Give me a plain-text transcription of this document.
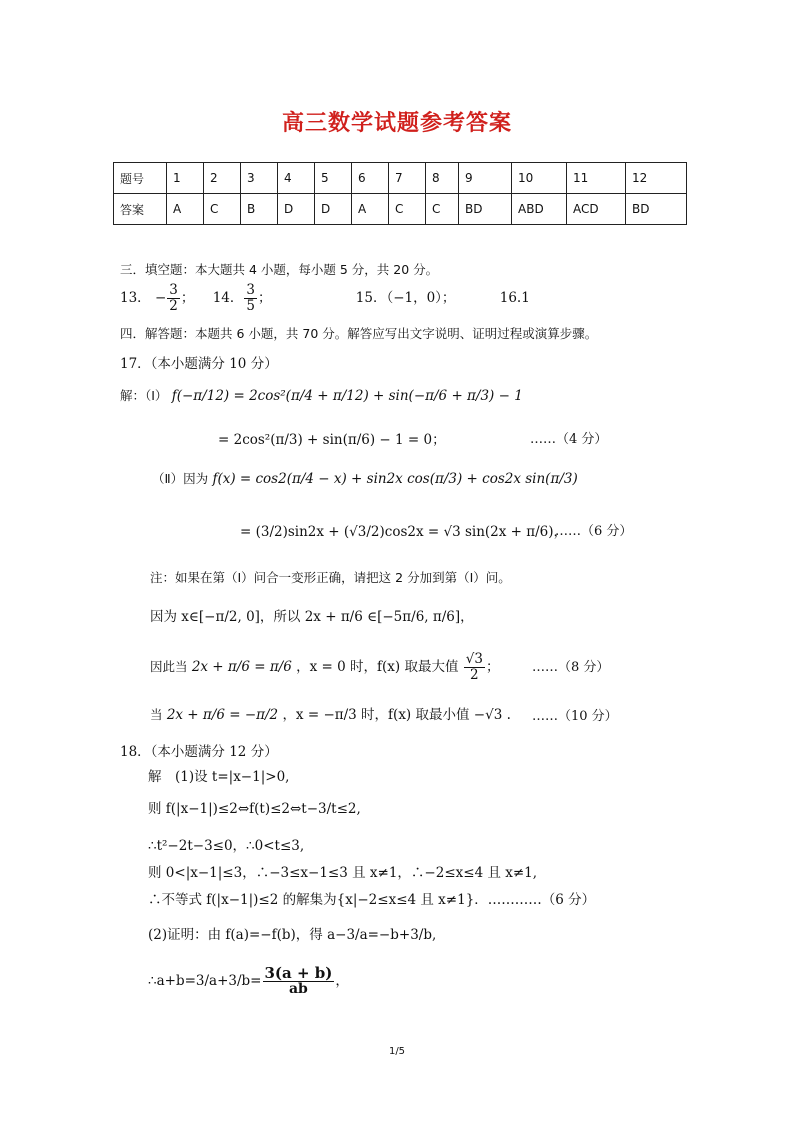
高三数学试题参考答案
题号	1	2	3	4	5	6	7	8	9	10	11	12
答案	A	C	B	D	D	A	C	C	BD	ABD	ACD	BD
三．填空题：本大题共 4 小题，每小题 5 分，共 20 分。
13． − $\frac{3}{2}$ ； 14． $\frac{3}{5}$ ；	15．（−1，0）；	16.1
四．解答题：本题共 6 小题，共 70 分。解答应写出文字说明、证明过程或演算步骤。
17．（本小题满分 10 分）
解：（Ⅰ） f(−π/12) = 2cos²(π/4 + π/12) + sin(−π/6 + π/3) − 1
= 2cos²(π/3) + sin(π/6) − 1 = 0；	……（4 分）
（Ⅱ）因为 f(x) = cos2(π/4 − x) + sin2x cos(π/3) + cos2x sin(π/3)
= (3/2)sin2x + (√3/2)cos2x = √3 sin(2x + π/6)，
……（6 分）
注：如果在第（Ⅰ）问合一变形正确，请把这 2 分加到第（Ⅰ）问。
因为 x∈[−π/2, 0]，所以 2x + π/6 ∈[−5π/6, π/6]，
因此当 2x + π/6 = π/6 ，x = 0 时，f(x) 取最大值 $\frac{√3}{2}$ ；	……（8 分）
当 2x + π/6 = −π/2 ，x = −π/3 时，f(x) 取最小值 −√3 . ……（10 分）
18．（本小题满分 12 分）
解　(1)设 t=|x−1|>0,
则 f(|x−1|)≤2⇔f(t)≤2⇔t−3/t≤2,
∴t²−2t−3≤0，∴0<t≤3,
则 0<|x−1|≤3，∴−3≤x−1≤3 且 x≠1，∴−2≤x≤4 且 x≠1,
∴不等式 f(|x−1|)≤2 的解集为{x|−2≤x≤4 且 x≠1}．…………（6 分）
(2)证明：由 f(a)=−f(b)，得 a−3/a=−b+3/b,
∴a+b=3/a+3/b= $\frac{3(a + b)}{ab}$ ，
1/5
